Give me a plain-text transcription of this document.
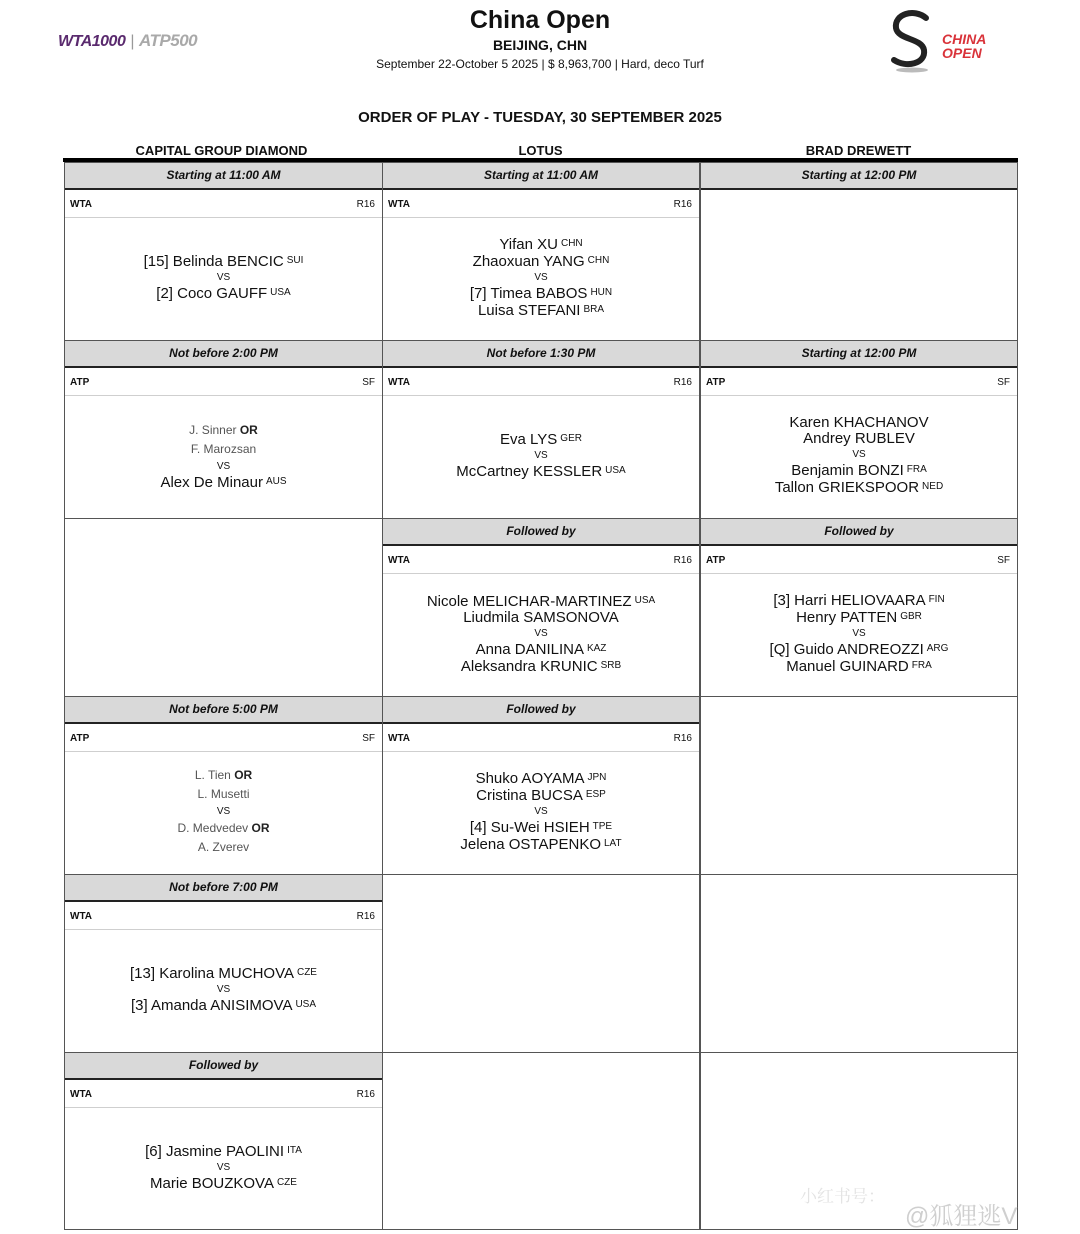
WTA1000 | ATP500
China Open
BEIJING, CHN
September 22-October 5 2025 | $ 8,963,700 | Hard, deco Turf
CHINA
OPEN
ORDER OF PLAY - TUESDAY, 30 SEPTEMBER 2025
CAPITAL GROUP DIAMOND	LOTUS	BRAD DREWETT
Starting at 11:00 AM
WTA	R16
[15] Belinda BENCIC $^{SUI}$
VS
[2] Coco GAUFF $^{USA}$
Not before 2:00 PM
ATP	SF
J. Sinner OR
F. Marozsan
VS
Alex De Minaur $^{AUS}$
Not before 5:00 PM
ATP	SF
L. Tien OR
L. Musetti
VS
D. Medvedev OR
A. Zverev
Not before 7:00 PM
WTA	R16
[13] Karolina MUCHOVA $^{CZE}$
VS
[3] Amanda ANISIMOVA $^{USA}$
Followed by
WTA	R16
[6] Jasmine PAOLINI $^{ITA}$
VS
Marie BOUZKOVA $^{CZE}$
Starting at 11:00 AM
WTA	R16
Yifan XU $^{CHN}$
Zhaoxuan YANG $^{CHN}$
VS
[7] Timea BABOS $^{HUN}$
Luisa STEFANI $^{BRA}$
Not before 1:30 PM
WTA	R16
Eva LYS $^{GER}$
VS
McCartney KESSLER $^{USA}$
Followed by
WTA	R16
Nicole MELICHAR-MARTINEZ $^{USA}$
Liudmila SAMSONOVA
VS
Anna DANILINA $^{KAZ}$
Aleksandra KRUNIC $^{SRB}$
Followed by
WTA	R16
Shuko AOYAMA $^{JPN}$
Cristina BUCSA $^{ESP}$
VS
[4] Su-Wei HSIEH $^{TPE}$
Jelena OSTAPENKO $^{LAT}$
Starting at 12:00 PM
Starting at 12:00 PM
ATP	SF
Karen KHACHANOV
Andrey RUBLEV
VS
Benjamin BONZI $^{FRA}$
Tallon GRIEKSPOOR $^{NED}$
Followed by
ATP	SF
[3] Harri HELIOVAARA $^{FIN}$
Henry PATTEN $^{GBR}$
VS
[Q] Guido ANDREOZZI $^{ARG}$
Manuel GUINARD $^{FRA}$
小红书号：
@狐狸逃V
